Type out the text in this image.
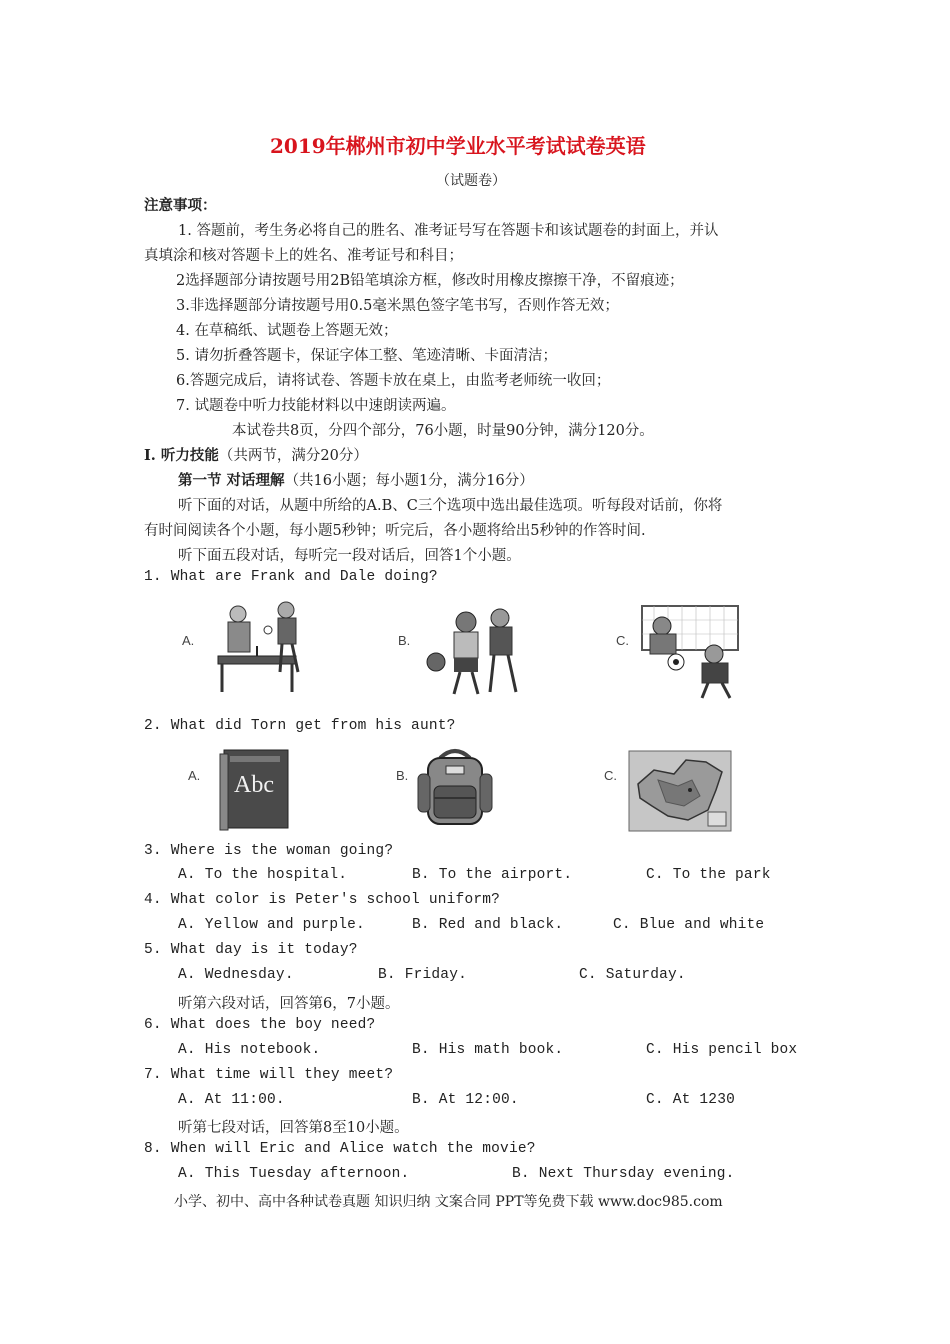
2019年郴州市初中学业水平考试试卷英语
（试题卷）
注意事项：
1. 答题前，考生务必将自己的胜名、准考证号写在答题卡和该试题卷的封面上，并认
真填涂和核对答题卡上的姓名、准考证号和科目；
2选择题部分请按题号用2B铅笔填涂方框，修改时用橡皮擦擦干净，不留痕迹；
3.非选择题部分请按题号用0.5毫米黑色签字笔书写，否则作答无效；
4. 在草稿纸、试题卷上答题无效；
5. 请勿折叠答题卡，保证字体工整、笔迹清晰、卡面清洁；
6.答题完成后，请将试卷、答题卡放在桌上，由监考老师统一收回；
7. 试题卷中听力技能材料以中速朗读两遍。
本试卷共8页，分四个部分，76小题，时量90分钟，满分120分。
I. 听力技能（共两节，满分20分）
第一节 对话理解（共16小题；每小题1分，满分16分）
听下面的对话，从题中所给的A.B、C三个选项中选出最佳选项。听每段对话前，你将
有时间阅读各个小题，每小题5秒钟；听完后，各小题将给出5秒钟的作答时间.
听下面五段对话，每听完一段对话后，回答1个小题。
1. What are Frank and Dale doing?
A.	B.	C.
2. What did Torn get from his aunt?
A.	B.	C.
Abc
3. Where is the woman going?
A. To the hospital.	B. To the airport.	C. To the park
4. What color is Peter's school uniform?
A. Yellow and purple.	B. Red and black.	C. Blue and white
5. What day is it today?
A. Wednesday.	B. Friday.	C. Saturday.
听第六段对话，回答第6，7小题。
6. What does the boy need?
A. His notebook.	B. His math book.	C. His pencil box
7. What time will they meet?
A. At 11:00.	B. At 12:00.	C. At 1230
听第七段对话，回答第8至10小题。
8. When will Eric and Alice watch the movie?
A. This Tuesday afternoon.	B. Next Thursday evening.
小学、初中、高中各种试卷真题 知识归纳 文案合同 PPT等免费下载 www.doc985.com
